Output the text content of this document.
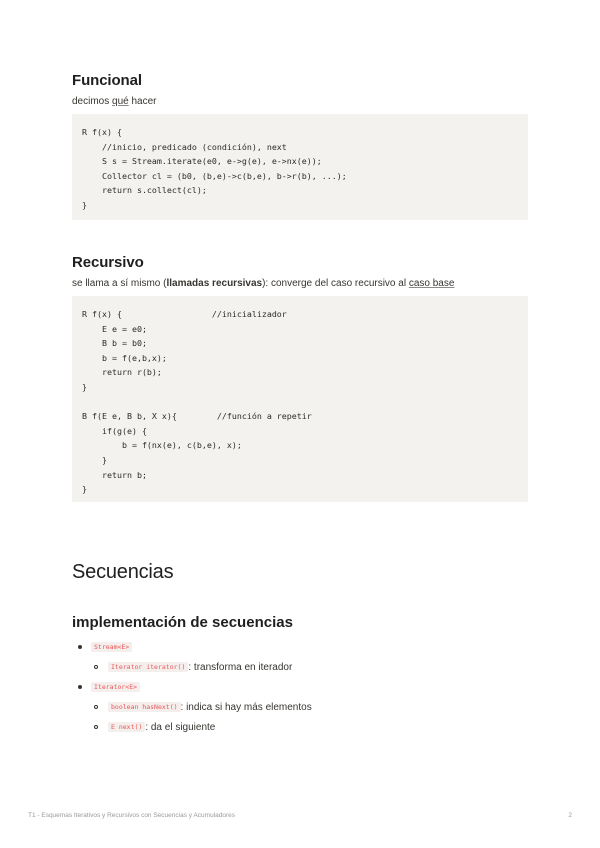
Funcional
decimos qué hacer
R f(x) {
//inicio, predicado (condición), next
S s = Stream.iterate(e0, e->g(e), e->nx(e));
Collector cl = (b0, (b,e)->c(b,e), b->r(b), ...);
return s.collect(cl);
}
Recursivo
se llama a sí mismo (llamadas recursivas): converge del caso recursivo al caso base
R f(x) {                  //inicializador
E e = e0;
B b = b0;
b = f(e,b,x);
return r(b);
}

B f(E e, B b, X x){        //función a repetir
if(g(e) {
b = f(nx(e), c(b,e), x);
}
return b;
}
Secuencias
implementación de secuencias
Stream<E>
Iterator iterator() : transforma en iterador
Iterator<E>
boolean hasNext() : indica si hay más elementos
E next() : da el siguiente
T1 - Esquemas Iterativos y Recursivos con Secuencias y Acumuladores	2
